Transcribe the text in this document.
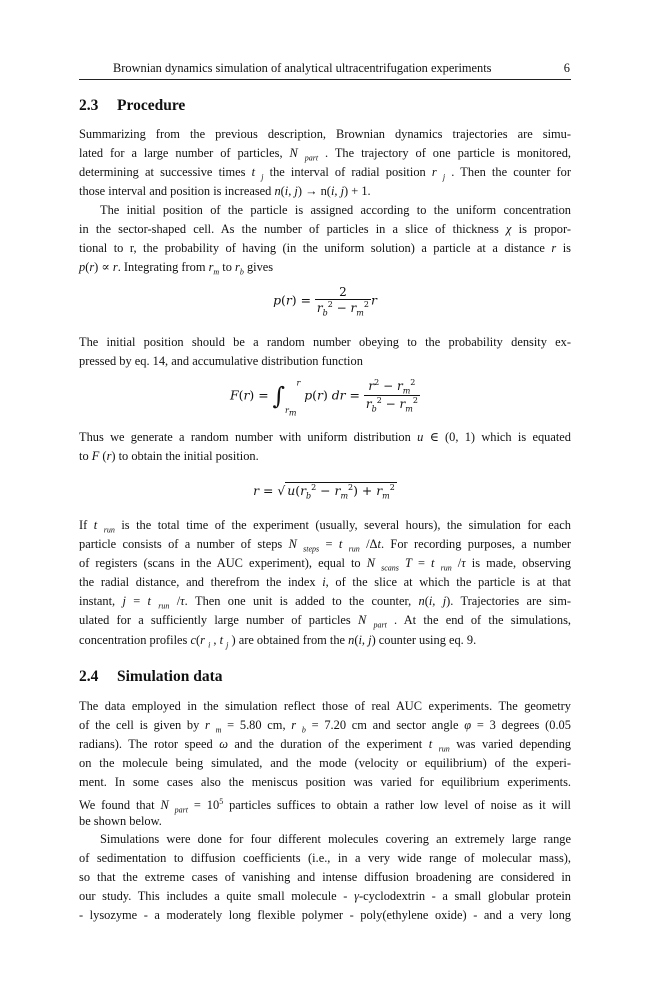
Brownian dynamics simulation of analytical ultracentrifugation experiments	6
2.3 Procedure
Summarizing from the previous description, Brownian dynamics trajectories are simu-
lated for a large number of particles, N $_{part}$ . The trajectory of one particle is monitored,
determining at successive times t $_j$ the interval of radial position r $_j$ . Then the counter for
those interval and position is increased n(i, j) → n(i, j) + 1.
The initial position of the particle is assigned according to the uniform concentration
in the sector-shaped cell. As the number of particles in a slice of thickness χ is propor-
tional to r, the probability of having (in the uniform solution) a particle at a distance r is
p(r) ∝ r. Integrating from $r_m$ to $r_b$ gives
$p(r) = \frac{2}{r_b^2 - r_m^2}$ r
The initial position should be a random number obeying to the probability density ex-
pressed by eq. 14, and accumulative distribution function
$F(r) = \int_{r_m}^r$ p(r) dr = $\frac{r^2 - r_m^2}{r_b^2 - r_m^2}$
Thus we generate a random number with uniform distribution u ∈ (0, 1) which is equated
to F (r) to obtain the initial position.
r = √ $u(r_b^2 - r_m^2) + r_m^2$
If t $_{run}$ is the total time of the experiment (usually, several hours), the simulation for each
particle consists of a number of steps N $_{steps}$ = t $_{run}$ /Δt. For recording purposes, a number
of registers (scans in the AUC experiment), equal to N $_{scans}$ T = t $_{run}$ /τ is made, observing
the radial distance, and therefrom the index i, of the slice at which the particle is at that
instant, j = t $_{run}$ /τ. Then one unit is added to the counter, n(i, j). Trajectories are sim-
ulated for a sufficiently large number of particles N $_{part}$ . At the end of the simulations,
concentration profiles c(r $_i$ , t $_j$ ) are obtained from the n(i, j) counter using eq. 9.
2.4 Simulation data
The data employed in the simulation reflect those of real AUC experiments. The geometry
of the cell is given by r $_m$ = 5.80 cm, r $_b$ = 7.20 cm and sector angle φ = 3 degrees (0.05
radians). The rotor speed ω and the duration of the experiment t $_{run}$ was varied depending
on the molecule being simulated, and the mode (velocity or equilibrium) of the experi-
ment. In some cases also the meniscus position was varied for equilibrium experiments.
We found that N $_{part} = 10^5$ particles suffices to obtain a rather low level of noise as it will
be shown below.
Simulations were done for four different molecules covering an extremely large range
of sedimentation to diffusion coefficients (i.e., in a very wide range of molecular mass),
so that the extreme cases of vanishing and intense diffusion broadening are considered in
our study. This includes a quite small molecule - γ-cyclodextrin - a small globular protein
- lysozyme - a moderately long flexible polymer - poly(ethylene oxide) - and a very long
